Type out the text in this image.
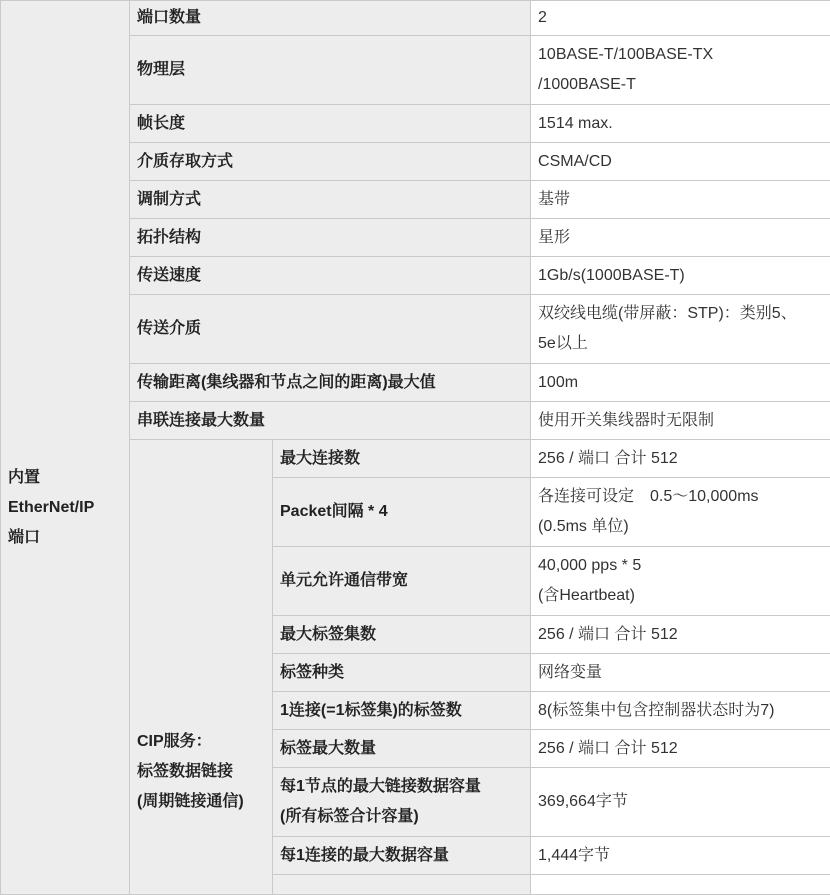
内置
EtherNet/IP
端口	端口数量		2

	物理层		10BASE-T/100BASE-TX
/1000BASE-T

	帧长度		1514 max.

	介质存取方式		CSMA/CD

	调制方式		基带

	拓扑结构		星形

	传送速度		1Gb/s(1000BASE-T)

	传送介质		双绞线电缆(带屏蔽：STP)：类别5、
5e以上

	传输距离(集线器和节点之间的距离)最大值		100m

	串联连接最大数量		使用开关集线器时无限制

	CIP服务：
标签数据链接
(周期链接通信)	最大连接数	256 / 端口 合计 512

		Packet间隔 * 4	各连接可设定　0.5～10,000ms
(0.5ms 单位)

		单元允许通信带宽	40,000 pps * 5
(含Heartbeat)

		最大标签集数	256 / 端口 合计 512

		标签种类	网络变量

		1连接(=1标签集)的标签数	8(标签集中包含控制器状态时为7)

		标签最大数量	256 / 端口 合计 512

		每1节点的最大链接数据容量
(所有标签合计容量)	369,664字节

		每1连接的最大数据容量	1,444字节
